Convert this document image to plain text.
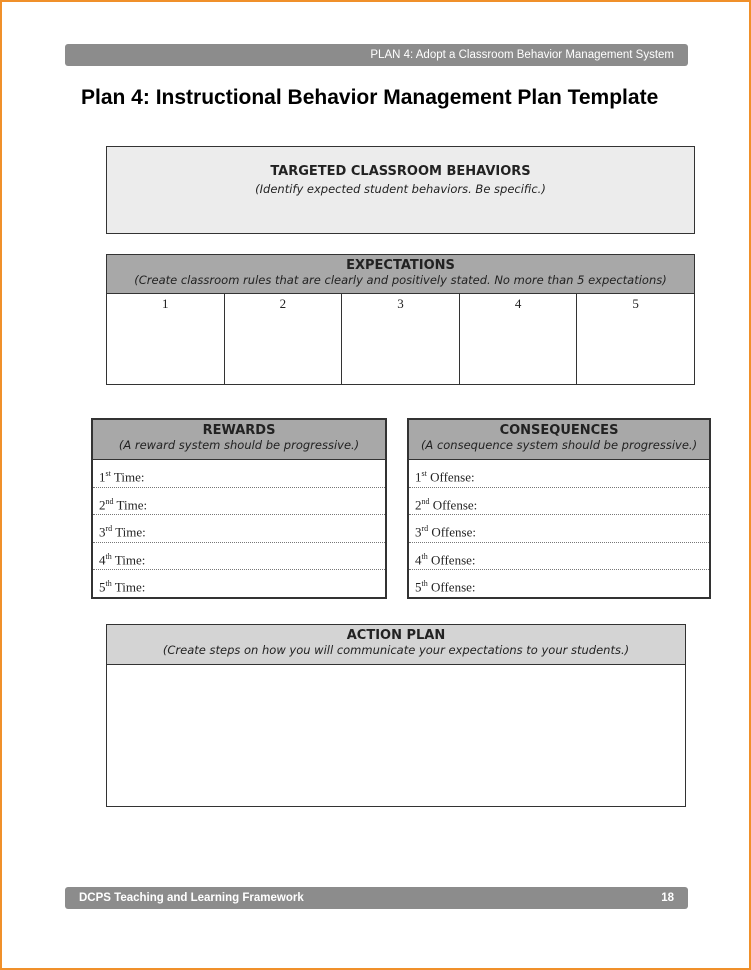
PLAN 4: Adopt a Classroom Behavior Management System
Plan 4: Instructional Behavior Management Plan Template
TARGETED CLASSROOM BEHAVIORS
(Identify expected student behaviors. Be specific.)
EXPECTATIONS
(Create classroom rules that are clearly and positively stated. No more than 5 expectations)
1	2	3	4	5
REWARDS
(A reward system should be progressive.)
1st Time:
2nd Time:
3rd Time:
4th Time:
5th Time:
CONSEQUENCES
(A consequence system should be progressive.)
1st Offense:
2nd Offense:
3rd Offense:
4th Offense:
5th Offense:
ACTION PLAN
(Create steps on how you will communicate your expectations to your students.)
DCPS Teaching and Learning Framework	18
